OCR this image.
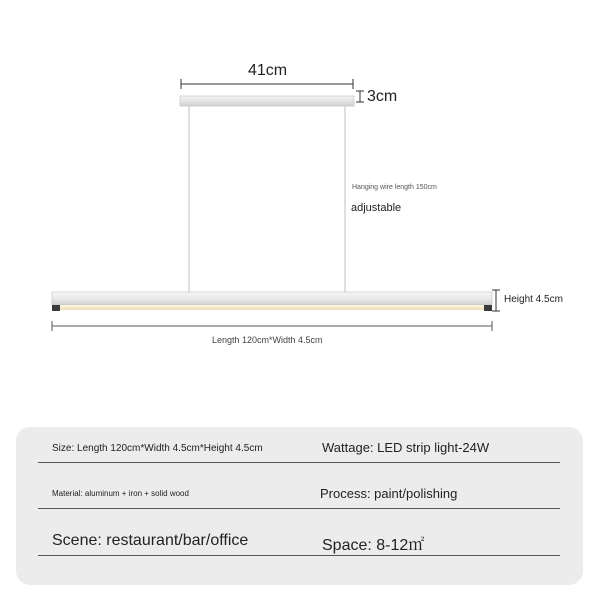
41cm
3cm
Hanging wire length 150cm
adjustable
Height 4.5cm
Length 120cm*Width 4.5cm
Size: Length 120cm*Width 4.5cm*Height 4.5cm	Wattage: LED strip light-24W
Material: aluminum + iron + solid wood	Process: paint/polishing
Scene: restaurant/bar/office	Space: 8-12㎡
